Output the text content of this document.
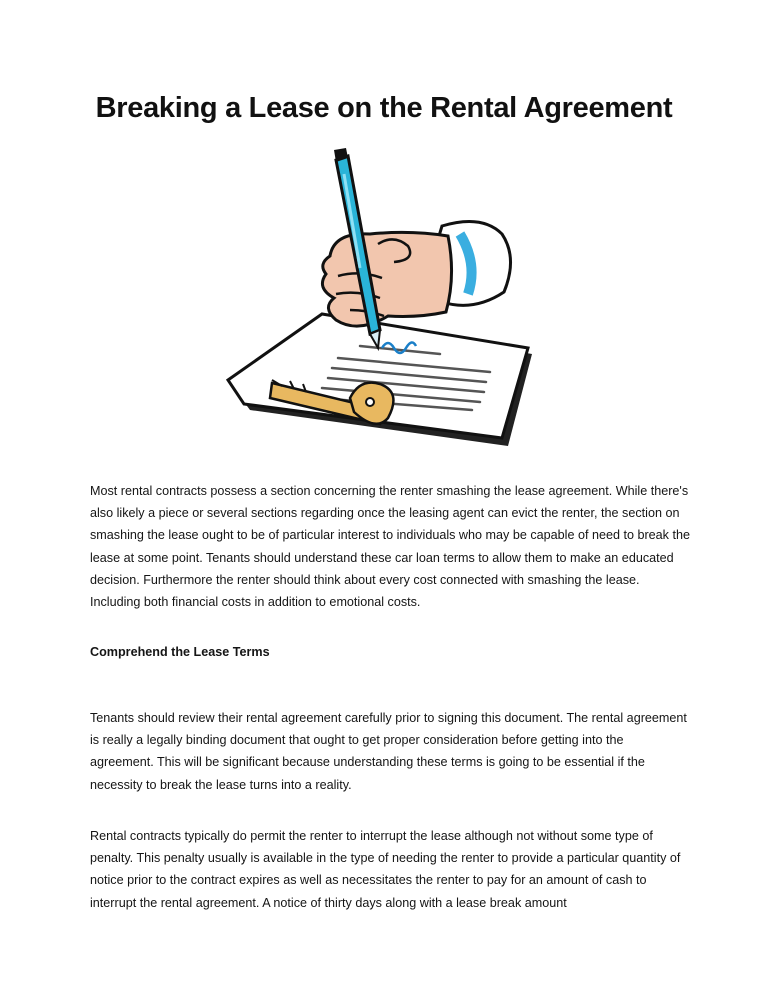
Breaking a Lease on the Rental Agreement

Most rental contracts possess a section concerning the renter smashing the lease agreement. While there's also likely a piece or several sections regarding once the leasing agent can evict the renter, the section on smashing the lease ought to be of particular interest to individuals who may be capable of need to break the lease at some point. Tenants should understand these car loan terms to allow them to make an educated decision. Furthermore the renter should think about every cost connected with smashing the lease. Including both financial costs in addition to emotional costs.

Comprehend the Lease Terms

Tenants should review their rental agreement carefully prior to signing this document. The rental agreement is really a legally binding document that ought to get proper consideration before getting into the agreement. This will be significant because understanding these terms is going to be essential if the necessity to break the lease turns into a reality.

Rental contracts typically do permit the renter to interrupt the lease although not without some type of penalty. This penalty usually is available in the type of needing the renter to provide a particular quantity of notice prior to the contract expires as well as necessitates the renter to pay for an amount of cash to interrupt the rental agreement. A notice of thirty days along with a lease break amount
